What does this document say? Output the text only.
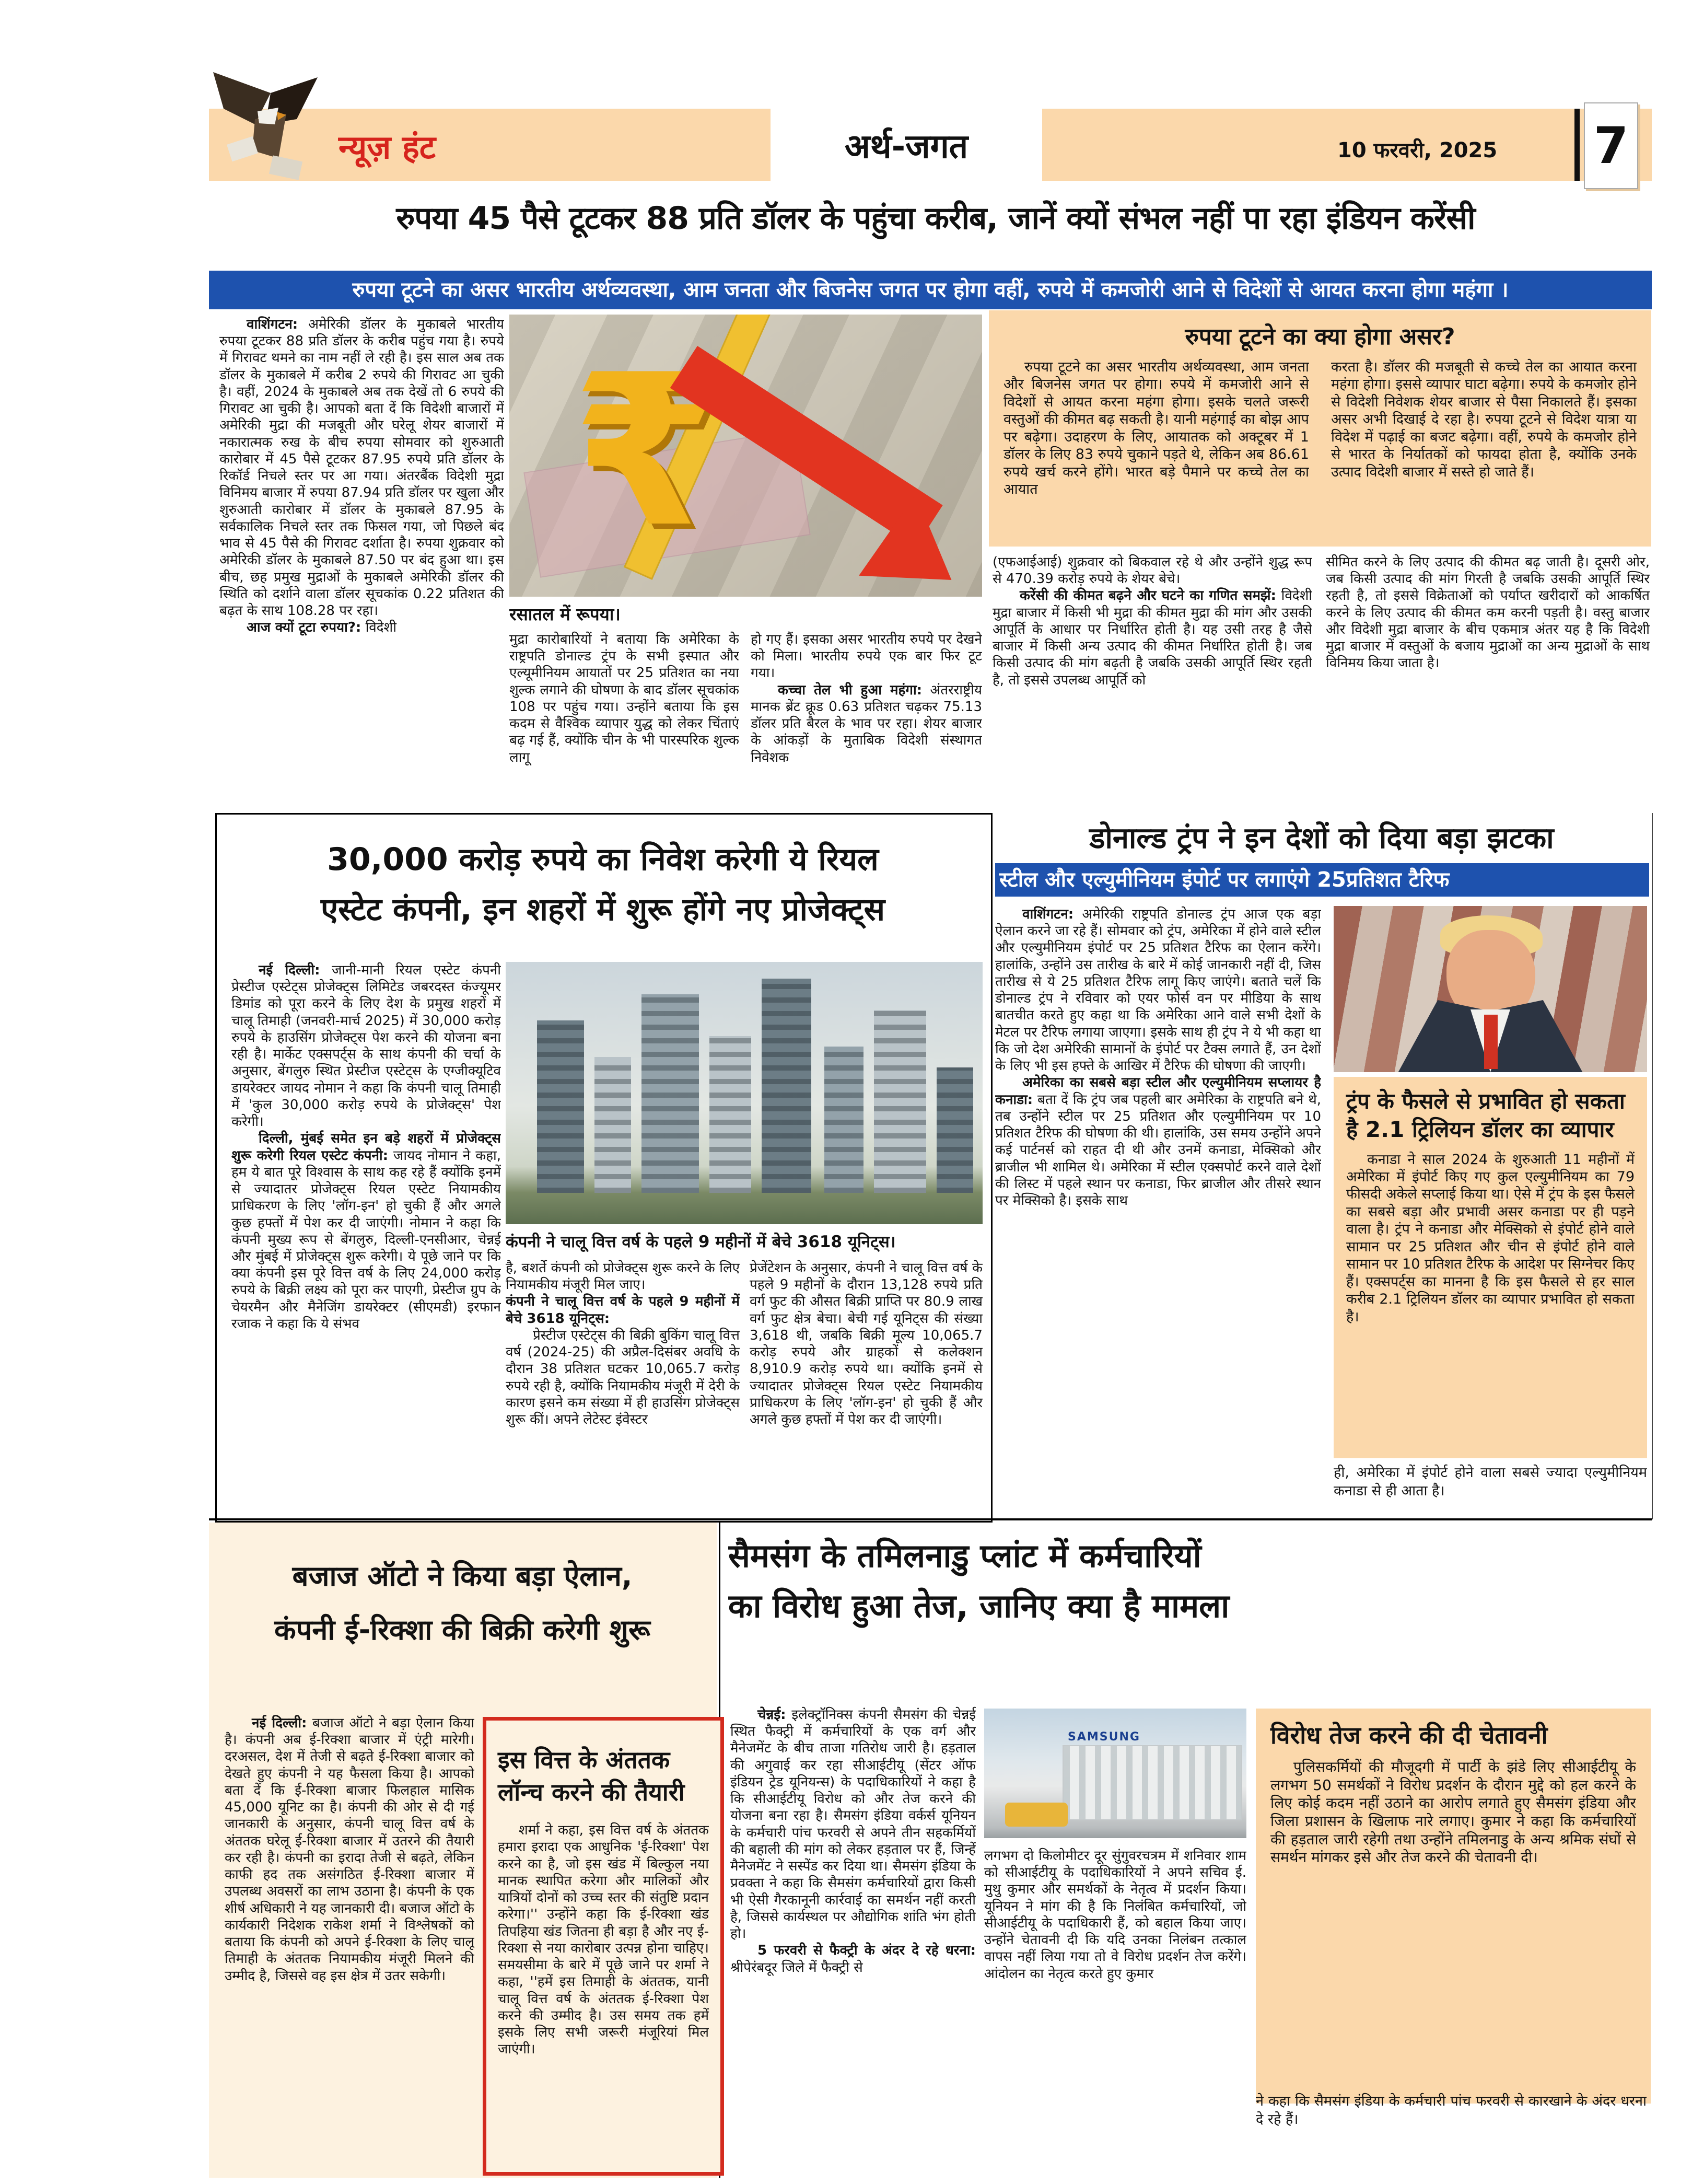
न्यूज़ हंट	अर्थ-जगत	10 फरवरी, 2025 7
रुपया 45 पैसे टूटकर 88 प्रति डॉलर के पहुंचा करीब, जानें क्यों संभल नहीं पा रहा इंडियन करेंसी
रुपया टूटने का असर भारतीय अर्थव्यवस्था, आम जनता और बिजनेस जगत पर होगा वहीं, रुपये में कमजोरी आने से विदेशों से आयत करना होगा महंगा ।

वाशिंगटन: अमेरिकी डॉलर के मुकाबले भारतीय रुपया टूटकर 88 प्रति डॉलर के करीब पहुंच गया है। रुपये में गिरावट थमने का नाम नहीं ले रही है। इस साल अब तक डॉलर के मुकाबले में करीब 2 रुपये की गिरावट आ चुकी है। वहीं, 2024 के मुकाबले अब तक देखें तो 6 रुपये की गिरावट आ चुकी है। आपको बता दें कि विदेशी बाजारों में अमेरिकी मुद्रा की मजबूती और घरेलू शेयर बाजारों में नकारात्मक रुख के बीच रुपया सोमवार को शुरुआती कारोबार में 45 पैसे टूटकर 87.95 रुपये प्रति डॉलर के रिकॉर्ड निचले स्तर पर आ गया। अंतरबैंक विदेशी मुद्रा विनिमय बाजार में रुपया 87.94 प्रति डॉलर पर खुला और शुरुआती कारोबार में डॉलर के मुकाबले 87.95 के सर्वकालिक निचले स्तर तक फिसल गया, जो पिछले बंद भाव से 45 पैसे की गिरावट दर्शाता है। रुपया शुक्रवार को अमेरिकी डॉलर के मुकाबले 87.50 पर बंद हुआ था। इस बीच, छह प्रमुख मुद्राओं के मुकाबले अमेरिकी डॉलर की स्थिति को दर्शाने वाला डॉलर सूचकांक 0.22 प्रतिशत की बढ़त के साथ 108.28 पर रहा।

आज क्यों टूटा रुपया?: विदेशी

₹
रसातल में रूपया।

मुद्रा कारोबारियों ने बताया कि अमेरिका के राष्ट्रपति डोनाल्ड ट्रंप के सभी इस्पात और एल्यूमीनियम आयातों पर 25 प्रतिशत का नया शुल्क लगाने की घोषणा के बाद डॉलर सूचकांक 108 पर पहुंच गया। उन्होंने बताया कि इस कदम से वैश्विक व्यापार युद्ध को लेकर चिंताएं बढ़ गई हैं, क्योंकि चीन के भी पारस्परिक शुल्क लागू

हो गए हैं। इसका असर भारतीय रुपये पर देखने को मिला। भारतीय रुपये एक बार फिर टूट गया।

कच्चा तेल भी हुआ महंगा: अंतरराष्ट्रीय मानक ब्रेंट क्रूड 0.63 प्रतिशत चढ़कर 75.13 डॉलर प्रति बैरल के भाव पर रहा। शेयर बाजार के आंकड़ों के मुताबिक विदेशी संस्थागत निवेशक

रुपया टूटने का क्या होगा असर?

रुपया टूटने का असर भारतीय अर्थव्यवस्था, आम जनता और बिजनेस जगत पर होगा। रुपये में कमजोरी आने से विदेशों से आयत करना महंगा होगा। इसके चलते जरूरी वस्तुओं की कीमत बढ़ सकती है। यानी महंगाई का बोझ आप पर बढ़ेगा। उदाहरण के लिए, आयातक को अक्टूबर में 1 डॉलर के लिए 83 रुपये चुकाने पड़ते थे, लेकिन अब 86.61 रुपये खर्च करने होंगे। भारत बड़े पैमाने पर कच्चे तेल का आयात

करता है। डॉलर की मजबूती से कच्चे तेल का आयात करना महंगा होगा। इससे व्यापार घाटा बढ़ेगा। रुपये के कमजोर होने से विदेशी निवेशक शेयर बाजार से पैसा निकालते हैं। इसका असर अभी दिखाई दे रहा है। रुपया टूटने से विदेश यात्रा या विदेश में पढ़ाई का बजट बढ़ेगा। वहीं, रुपये के कमजोर होने से भारत के निर्यातकों को फायदा होता है, क्योंकि उनके उत्पाद विदेशी बाजार में सस्ते हो जाते हैं।

(एफआईआई) शुक्रवार को बिकवाल रहे थे और उन्होंने शुद्ध रूप से 470.39 करोड़ रुपये के शेयर बेचे।

करेंसी की कीमत बढ़ने और घटने का गणित समझें: विदेशी मुद्रा बाजार में किसी भी मुद्रा की कीमत मुद्रा की मांग और उसकी आपूर्ति के आधार पर निर्धारित होती है। यह उसी तरह है जैसे बाजार में किसी अन्य उत्पाद की कीमत निर्धारित होती है। जब किसी उत्पाद की मांग बढ़ती है जबकि उसकी आपूर्ति स्थिर रहती है, तो इससे उपलब्ध आपूर्ति को

सीमित करने के लिए उत्पाद की कीमत बढ़ जाती है। दूसरी ओर, जब किसी उत्पाद की मांग गिरती है जबकि उसकी आपूर्ति स्थिर रहती है, तो इससे विक्रेताओं को पर्याप्त खरीदारों को आकर्षित करने के लिए उत्पाद की कीमत कम करनी पड़ती है। वस्तु बाजार और विदेशी मुद्रा बाजार के बीच एकमात्र अंतर यह है कि विदेशी मुद्रा बाजार में वस्तुओं के बजाय मुद्राओं का अन्य मुद्राओं के साथ विनिमय किया जाता है।

30,000 करोड़ रुपये का निवेश करेगी ये रियल
एस्टेट कंपनी, इन शहरों में शुरू होंगे नए प्रोजेक्ट्स

नई दिल्ली: जानी-मानी रियल एस्टेट कंपनी प्रेस्टीज एस्टेट्स प्रोजेक्ट्स लिमिटेड जबरदस्त कंज्यूमर डिमांड को पूरा करने के लिए देश के प्रमुख शहरों में चालू तिमाही (जनवरी-मार्च 2025) में 30,000 करोड़ रुपये के हाउसिंग प्रोजेक्ट्स पेश करने की योजना बना रही है। मार्केट एक्सपर्ट्स के साथ कंपनी की चर्चा के अनुसार, बेंगलुरु स्थित प्रेस्टीज एस्टेट्स के एग्जीक्यूटिव डायरेक्टर जायद नोमान ने कहा कि कंपनी चालू तिमाही में 'कुल 30,000 करोड़ रुपये के प्रोजेक्ट्स' पेश करेगी।

दिल्ली, मुंबई समेत इन बड़े शहरों में प्रोजेक्ट्स शुरू करेगी रियल एस्टेट कंपनी: जायद नोमान ने कहा, हम ये बात पूरे विश्वास के साथ कह रहे हैं क्योंकि इनमें से ज्यादातर प्रोजेक्ट्स रियल एस्टेट नियामकीय प्राधिकरण के लिए 'लॉग-इन' हो चुकी हैं और अगले कुछ हफ्तों में पेश कर दी जाएंगी। नोमान ने कहा कि कंपनी मुख्य रूप से बेंगलुरु, दिल्ली-एनसीआर, चेन्नई और मुंबई में प्रोजेक्ट्स शुरू करेगी। ये पूछे जाने पर कि क्या कंपनी इस पूरे वित्त वर्ष के लिए 24,000 करोड़ रुपये के बिक्री लक्ष्य को पूरा कर पाएगी, प्रेस्टीज ग्रुप के चेयरमैन और मैनेजिंग डायरेक्टर (सीएमडी) इरफान रजाक ने कहा कि ये संभव

कंपनी ने चालू वित्त वर्ष के पहले 9 महीनों में बेचे 3618 यूनिट्स।

है, बशर्ते कंपनी को प्रोजेक्ट्स शुरू करने के लिए नियामकीय मंजूरी मिल जाए।

कंपनी ने चालू वित्त वर्ष के पहले 9 महीनों में बेचे 3618 यूनिट्स:

प्रेस्टीज एस्टेट्स की बिक्री बुकिंग चालू वित्त वर्ष (2024-25) की अप्रैल-दिसंबर अवधि के दौरान 38 प्रतिशत घटकर 10,065.7 करोड़ रुपये रही है, क्योंकि नियामकीय मंजूरी में देरी के कारण इसने कम संख्या में ही हाउसिंग प्रोजेक्ट्स शुरू कीं। अपने लेटेस्ट इंवेस्टर

प्रेजेंटेशन के अनुसार, कंपनी ने चालू वित्त वर्ष के पहले 9 महीनों के दौरान 13,128 रुपये प्रति वर्ग फुट की औसत बिक्री प्राप्ति पर 80.9 लाख वर्ग फुट क्षेत्र बेचा। बेची गई यूनिट्स की संख्या 3,618 थी, जबकि बिक्री मूल्य 10,065.7 करोड़ रुपये और ग्राहकों से कलेक्शन 8,910.9 करोड़ रुपये था। क्योंकि इनमें से ज्यादातर प्रोजेक्ट्स रियल एस्टेट नियामकीय प्राधिकरण के लिए 'लॉग-इन' हो चुकी हैं और अगले कुछ हफ्तों में पेश कर दी जाएंगी।

डोनाल्ड ट्रंप ने इन देशों को दिया बड़ा झटका
स्टील और एल्युमीनियम इंपोर्ट पर लगाएंगे 25प्रतिशत टैरिफ

वाशिंगटन: अमेरिकी राष्ट्रपति डोनाल्ड ट्रंप आज एक बड़ा ऐलान करने जा रहे हैं। सोमवार को ट्रंप, अमेरिका में होने वाले स्टील और एल्युमीनियम इंपोर्ट पर 25 प्रतिशत टैरिफ का ऐलान करेंगे। हालांकि, उन्होंने उस तारीख के बारे में कोई जानकारी नहीं दी, जिस तारीख से ये 25 प्रतिशत टैरिफ लागू किए जाएंगे। बताते चलें कि डोनाल्ड ट्रंप ने रविवार को एयर फोर्स वन पर मीडिया के साथ बातचीत करते हुए कहा था कि अमेरिका आने वाले सभी देशों के मेटल पर टैरिफ लगाया जाएगा। इसके साथ ही ट्रंप ने ये भी कहा था कि जो देश अमेरिकी सामानों के इंपोर्ट पर टैक्स लगाते हैं, उन देशों के लिए भी इस हफ्ते के आखिर में टैरिफ की घोषणा की जाएगी।

अमेरिका का सबसे बड़ा स्टील और एल्युमीनियम सप्लायर है कनाडा: बता दें कि ट्रंप जब पहली बार अमेरिका के राष्ट्रपति बने थे, तब उन्होंने स्टील पर 25 प्रतिशत और एल्युमीनियम पर 10 प्रतिशत टैरिफ की घोषणा की थी। हालांकि, उस समय उन्होंने अपने कई पार्टनर्स को राहत दी थी और उनमें कनाडा, मेक्सिको और ब्राजील भी शामिल थे। अमेरिका में स्टील एक्सपोर्ट करने वाले देशों की लिस्ट में पहले स्थान पर कनाडा, फिर ब्राजील और तीसरे स्थान पर मेक्सिको है। इसके साथ

ट्रंप के फैसले से प्रभावित हो सकता है 2.1 ट्रिलियन डॉलर का व्यापार

कनाडा ने साल 2024 के शुरुआती 11 महीनों में अमेरिका में इंपोर्ट किए गए कुल एल्युमीनियम का 79 फीसदी अकेले सप्लाई किया था। ऐसे में ट्रंप के इस फैसले का सबसे बड़ा और प्रभावी असर कनाडा पर ही पड़ने वाला है। ट्रंप ने कनाडा और मेक्सिको से इंपोर्ट होने वाले सामान पर 25 प्रतिशत और चीन से इंपोर्ट होने वाले सामान पर 10 प्रतिशत टैरिफ के आदेश पर सिग्नेचर किए हैं। एक्सपर्ट्स का मानना है कि इस फैसले से हर साल करीब 2.1 ट्रिलियन डॉलर का व्यापार प्रभावित हो सकता है।

ही, अमेरिका में इंपोर्ट होने वाला सबसे ज्यादा एल्युमीनियम कनाडा से ही आता है।
बजाज ऑटो ने किया बड़ा ऐलान,
कंपनी ई-रिक्शा की बिक्री करेगी शुरू

नई दिल्ली: बजाज ऑटो ने बड़ा ऐलान किया है। कंपनी अब ई-रिक्शा बाजार में एंट्री मारेगी। दरअसल, देश में तेजी से बढ़ते ई-रिक्शा बाजार को देखते हुए कंपनी ने यह फैसला किया है। आपको बता दें कि ई-रिक्शा बाजार फिलहाल मासिक 45,000 यूनिट का है। कंपनी की ओर से दी गई जानकारी के अनुसार, कंपनी चालू वित्त वर्ष के अंततक घरेलू ई-रिक्शा बाजार में उतरने की तैयारी कर रही है। कंपनी का इरादा तेजी से बढ़ते, लेकिन काफी हद तक असंगठित ई-रिक्शा बाजार में उपलब्ध अवसरों का लाभ उठाना है। कंपनी के एक शीर्ष अधिकारी ने यह जानकारी दी। बजाज ऑटो के कार्यकारी निदेशक राकेश शर्मा ने विश्लेषकों को बताया कि कंपनी को अपने ई-रिक्शा के लिए चालू तिमाही के अंततक नियामकीय मंजूरी मिलने की उम्मीद है, जिससे वह इस क्षेत्र में उतर सकेगी।

इस वित्त के अंततक लॉन्च करने की तैयारी

शर्मा ने कहा, इस वित्त वर्ष के अंततक हमारा इरादा एक आधुनिक 'ई-रिक्शा' पेश करने का है, जो इस खंड में बिल्कुल नया मानक स्थापित करेगा और मालिकों और यात्रियों दोनों को उच्च स्तर की संतुष्टि प्रदान करेगा।'' उन्होंने कहा कि ई-रिक्शा खंड तिपहिया खंड जितना ही बड़ा है और नए ई-रिक्शा से नया कारोबार उत्पन्न होना चाहिए। समयसीमा के बारे में पूछे जाने पर शर्मा ने कहा, ''हमें इस तिमाही के अंततक, यानी चालू वित्त वर्ष के अंततक ई-रिक्शा पेश करने की उम्मीद है। उस समय तक हमें इसके लिए सभी जरूरी मंजूरियां मिल जाएंगी।

सैमसंग के तमिलनाडु प्लांट में कर्मचारियों
का विरोध हुआ तेज, जानिए क्या है मामला

चेन्नई: इलेक्ट्रॉनिक्स कंपनी सैमसंग की चेन्नई स्थित फैक्ट्री में कर्मचारियों के एक वर्ग और मैनेजमेंट के बीच ताजा गतिरोध जारी है। हड़ताल की अगुवाई कर रहा सीआईटीयू (सेंटर ऑफ इंडियन ट्रेड यूनियन्स) के पदाधिकारियों ने कहा है कि सीआईटीयू विरोध को और तेज करने की योजना बना रहा है। सैमसंग इंडिया वर्कर्स यूनियन के कर्मचारी पांच फरवरी से अपने तीन सहकर्मियों की बहाली की मांग को लेकर हड़ताल पर हैं, जिन्हें मैनेजमेंट ने सस्पेंड कर दिया था। सैमसंग इंडिया के प्रवक्ता ने कहा कि सैमसंग कर्मचारियों द्वारा किसी भी ऐसी गैरकानूनी कार्रवाई का समर्थन नहीं करती है, जिससे कार्यस्थल पर औद्योगिक शांति भंग होती हो।

5 फरवरी से फैक्ट्री के अंदर दे रहे धरना: श्रीपेरंबदूर जिले में फैक्ट्री से

SAMSUNG

लगभग दो किलोमीटर दूर सुंगुवरचत्रम में शनिवार शाम को सीआईटीयू के पदाधिकारियों ने अपने सचिव ई. मुथु कुमार और समर्थकों के नेतृत्व में प्रदर्शन किया। यूनियन ने मांग की है कि निलंबित कर्मचारियों, जो सीआईटीयू के पदाधिकारी हैं, को बहाल किया जाए। उन्होंने चेतावनी दी कि यदि उनका निलंबन तत्काल वापस नहीं लिया गया तो वे विरोध प्रदर्शन तेज करेंगे। आंदोलन का नेतृत्व करते हुए कुमार

विरोध तेज करने की दी चेतावनी

पुलिसकर्मियों की मौजूदगी में पार्टी के झंडे लिए सीआईटीयू के लगभग 50 समर्थकों ने विरोध प्रदर्शन के दौरान मुद्दे को हल करने के लिए कोई कदम नहीं उठाने का आरोप लगाते हुए सैमसंग इंडिया और जिला प्रशासन के खिलाफ नारे लगाए। कुमार ने कहा कि कर्मचारियों की हड़ताल जारी रहेगी तथा उन्होंने तमिलनाडु के अन्य श्रमिक संघों से समर्थन मांगकर इसे और तेज करने की चेतावनी दी।

ने कहा कि सैमसंग इंडिया के कर्मचारी पांच फरवरी से कारखाने के अंदर धरना दे रहे हैं।
